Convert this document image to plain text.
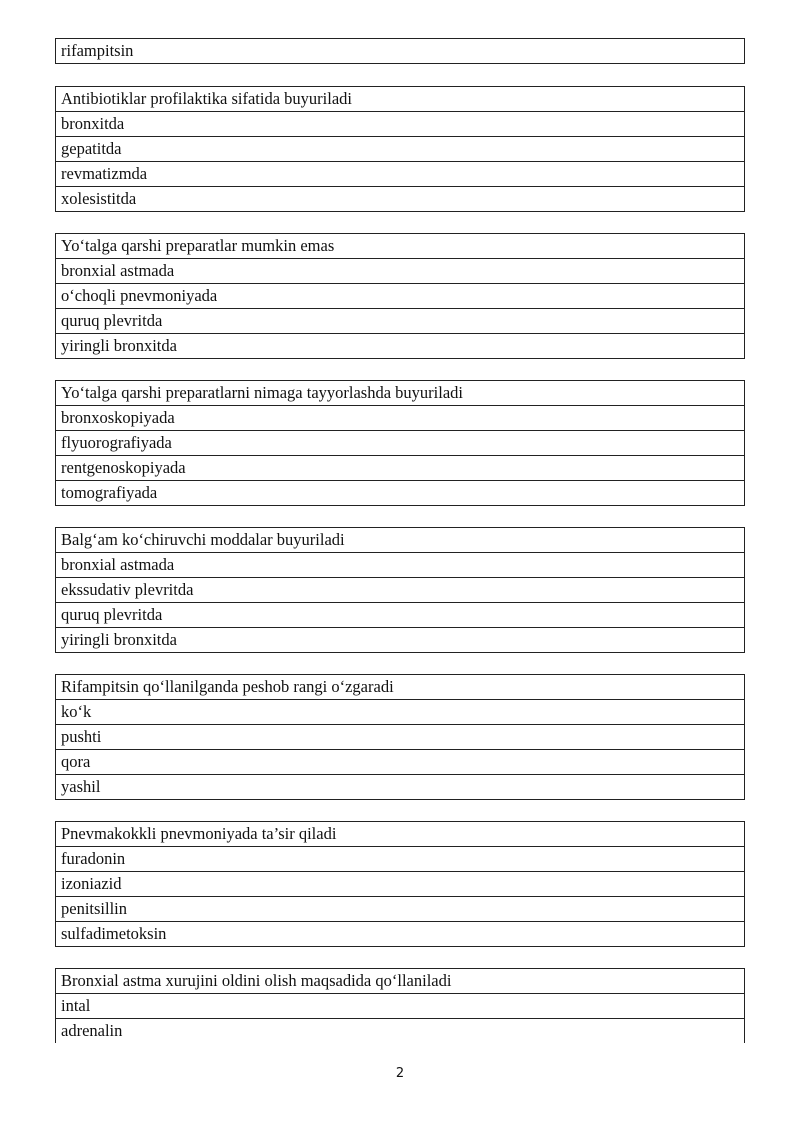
rifampitsin
Antibiotiklar profilaktika sifatida buyuriladi
bronxitda
gepatitda
revmatizmda
xolesistitda
Yo‘talga qarshi preparatlar mumkin emas
bronxial astmada
o‘choqli pnevmoniyada
quruq plevritda
yiringli bronxitda
Yo‘talga qarshi preparatlarni nimaga tayyorlashda buyuriladi
bronxoskopiyada
flyuorografiyada
rentgenoskopiyada
tomografiyada
Balg‘am ko‘chiruvchi moddalar buyuriladi
bronxial astmada
ekssudativ plevritda
quruq plevritda
yiringli bronxitda
Rifampitsin qo‘llanilganda peshob rangi o‘zgaradi
ko‘k
pushti
qora
yashil
Pnevmakokkli pnevmoniyada ta’sir qiladi
furadonin
izoniazid
penitsillin
sulfadimetoksin
Bronxial astma xurujini oldini olish maqsadida qo‘llaniladi
intal
adrenalin
2
